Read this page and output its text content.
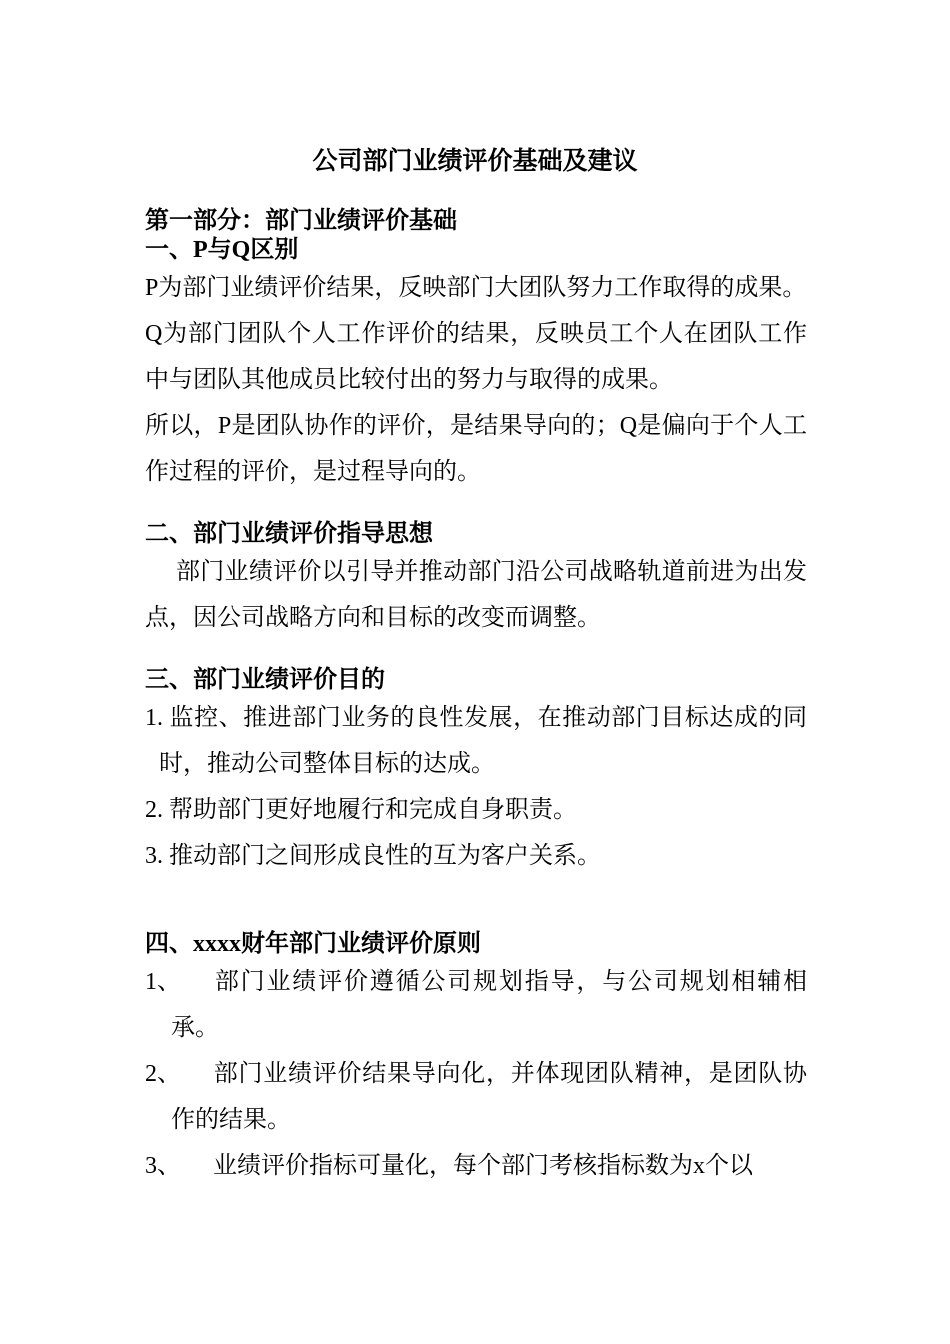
公司部门业绩评价基础及建议

第一部分：部门业绩评价基础

一、P与Q区别

P为部门业绩评价结果，反映部门大团队努力工作取得的成果。

Q为部门团队个人工作评价的结果，反映员工个人在团队工作中与团队其他成员比较付出的努力与取得的成果。

所以，P是团队协作的评价，是结果导向的；Q是偏向于个人工作过程的评价，是过程导向的。

二、部门业绩评价指导思想

部门业绩评价以引导并推动部门沿公司战略轨道前进为出发点，因公司战略方向和目标的改变而调整。

三、部门业绩评价目的

1. 监控、推进部门业务的良性发展，在推动部门目标达成的同时，推动公司整体目标的达成。

2. 帮助部门更好地履行和完成自身职责。

3. 推动部门之间形成良性的互为客户关系。

四、xxxx财年部门业绩评价原则

1、 部门业绩评价遵循公司规划指导，与公司规划相辅相承。

2、 部门业绩评价结果导向化，并体现团队精神，是团队协作的结果。

3、 业绩评价指标可量化，每个部门考核指标数为x个以
